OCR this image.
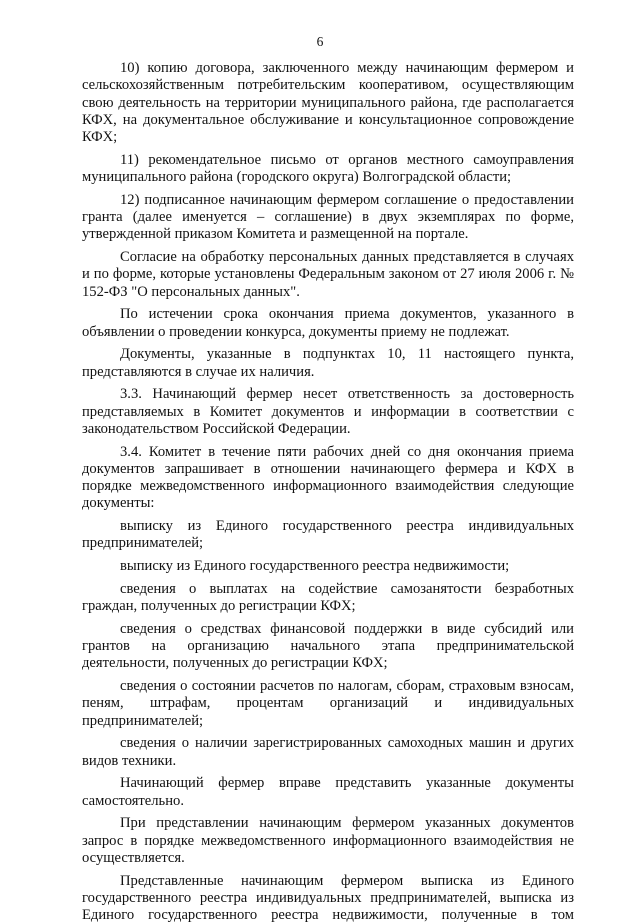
6

10) копию договора, заключенного между начинающим фермером и сельскохозяйственным потребительским кооперативом, осуществляющим свою деятельность на территории муниципального района, где располагается КФХ, на документальное обслуживание и консультационное сопровождение КФХ;

11) рекомендательное письмо от органов местного самоуправления муниципального района (городского округа) Волгоградской области;

12) подписанное начинающим фермером соглашение о предоставлении гранта (далее именуется – соглашение) в двух экземплярах по форме, утвержденной приказом Комитета и размещенной на портале.

Согласие на обработку персональных данных представляется в случаях и по форме, которые установлены Федеральным законом от 27 июля 2006 г. № 152-ФЗ "О персональных данных".

По истечении срока окончания приема документов, указанного в объявлении о проведении конкурса, документы приему не подлежат.

Документы, указанные в подпунктах 10, 11 настоящего пункта, представляются в случае их наличия.

3.3. Начинающий фермер несет ответственность за достоверность представляемых в Комитет документов и информации в соответствии с законодательством Российской Федерации.

3.4. Комитет в течение пяти рабочих дней со дня окончания приема документов запрашивает в отношении начинающего фермера и КФХ в порядке межведомственного информационного взаимодействия следующие документы:

выписку из Единого государственного реестра индивидуальных предпринимателей;

выписку из Единого государственного реестра недвижимости;

сведения о выплатах на содействие самозанятости безработных граждан, полученных до регистрации КФХ;

сведения о средствах финансовой поддержки в виде субсидий или грантов на организацию начального этапа предпринимательской деятельности, полученных до регистрации КФХ;

сведения о состоянии расчетов по налогам, сборам, страховым взносам, пеням, штрафам, процентам организаций и индивидуальных предпринимателей;

сведения о наличии зарегистрированных самоходных машин и других видов техники.

Начинающий фермер вправе представить указанные документы самостоятельно.

При представлении начинающим фермером указанных документов запрос в порядке межведомственного информационного взаимодействия не осуществляется.

Представленные начинающим фермером выписка из Единого государственного реестра индивидуальных предпринимателей, выписка из Единого государственного реестра недвижимости, полученные в том
